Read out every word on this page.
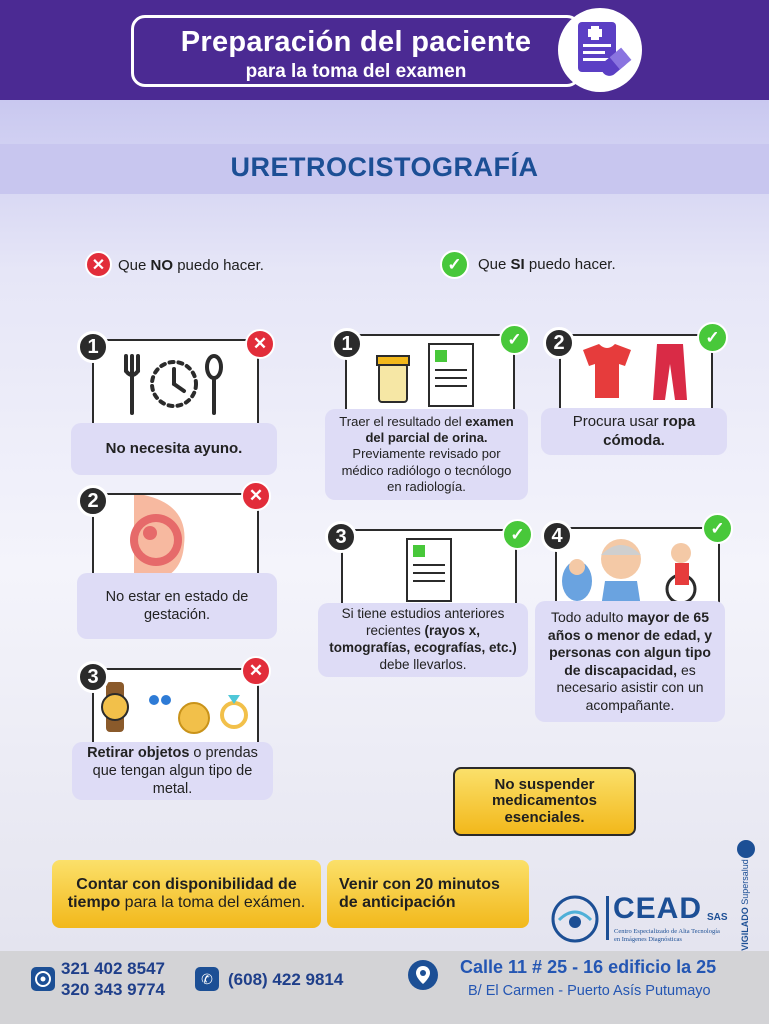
Preparación del paciente
para la toma del examen
URETROCISTOGRAFÍA
✕ Que NO puedo hacer.	✓	Que SI puedo hacer.
1	✕
No necesita ayuno.
2	✕
No estar en estado de gestación.
3	✕
Retirar objetos o prendas que tengan algun tipo de metal.
1	✓
Traer el resultado del examen del parcial de orina. Previamente revisado por médico radiólogo o tecnólogo en radiología.
2	✓
Procura usar ropa cómoda.
3	✓
Si tiene estudios anteriores recientes (rayos x, tomografías, ecografías, etc.) debe llevarlos.
4	✓
Todo adulto mayor de 65 años o menor de edad, y personas con algun tipo de discapacidad, es necesario asistir con un acompañante.
No suspender medicamentos esenciales.
Contar con disponibilidad de tiempo para la toma del exámen.
Venir con 20 minutos de anticipación	CEAD SAS
Centro Especializado de Alta Tecnología
en Imágenes Diagnósticas	VIGILADO Supersalud
321 402 8547
320 343 9774
✆ (608) 422 9814
Calle 11 # 25 - 16 edificio la 25
B/ El Carmen - Puerto Asís Putumayo
